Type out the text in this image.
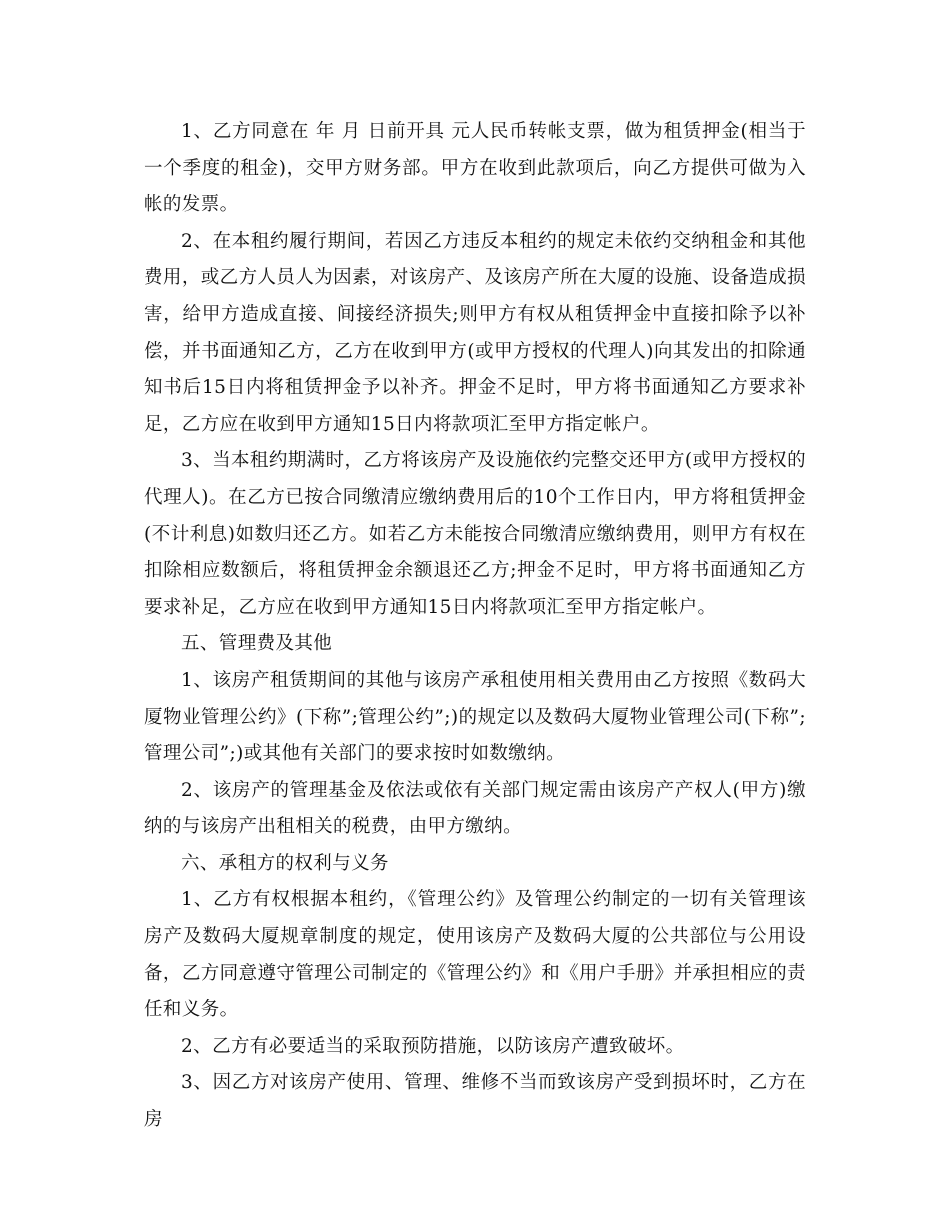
1、乙方同意在 年 月 日前开具 元人民币转帐支票，做为租赁押金(相当于一个季度的租金)，交甲方财务部。甲方在收到此款项后，向乙方提供可做为入帐的发票。

2、在本租约履行期间，若因乙方违反本租约的规定未依约交纳租金和其他费用，或乙方人员人为因素，对该房产、及该房产所在大厦的设施、设备造成损害，给甲方造成直接、间接经济损失;则甲方有权从租赁押金中直接扣除予以补偿，并书面通知乙方，乙方在收到甲方(或甲方授权的代理人)向其发出的扣除通知书后15日内将租赁押金予以补齐。押金不足时，甲方将书面通知乙方要求补足，乙方应在收到甲方通知15日内将款项汇至甲方指定帐户。

3、当本租约期满时，乙方将该房产及设施依约完整交还甲方(或甲方授权的代理人)。在乙方已按合同缴清应缴纳费用后的10个工作日内，甲方将租赁押金(不计利息)如数归还乙方。如若乙方未能按合同缴清应缴纳费用，则甲方有权在扣除相应数额后，将租赁押金余额退还乙方;押金不足时，甲方将书面通知乙方要求补足，乙方应在收到甲方通知15日内将款项汇至甲方指定帐户。

五、管理费及其他

1、该房产租赁期间的其他与该房产承租使用相关费用由乙方按照《数码大厦物业管理公约》(下称”;管理公约”;)的规定以及数码大厦物业管理公司(下称”;管理公司”;)或其他有关部门的要求按时如数缴纳。

2、该房产的管理基金及依法或依有关部门规定需由该房产产权人(甲方)缴纳的与该房产出租相关的税费，由甲方缴纳。

六、承租方的权利与义务

1、乙方有权根据本租约，《管理公约》及管理公约制定的一切有关管理该房产及数码大厦规章制度的规定，使用该房产及数码大厦的公共部位与公用设备，乙方同意遵守管理公司制定的《管理公约》和《用户手册》并承担相应的责任和义务。

2、乙方有必要适当的采取预防措施，以防该房产遭致破坏。

3、因乙方对该房产使用、管理、维修不当而致该房产受到损坏时，乙方在房
